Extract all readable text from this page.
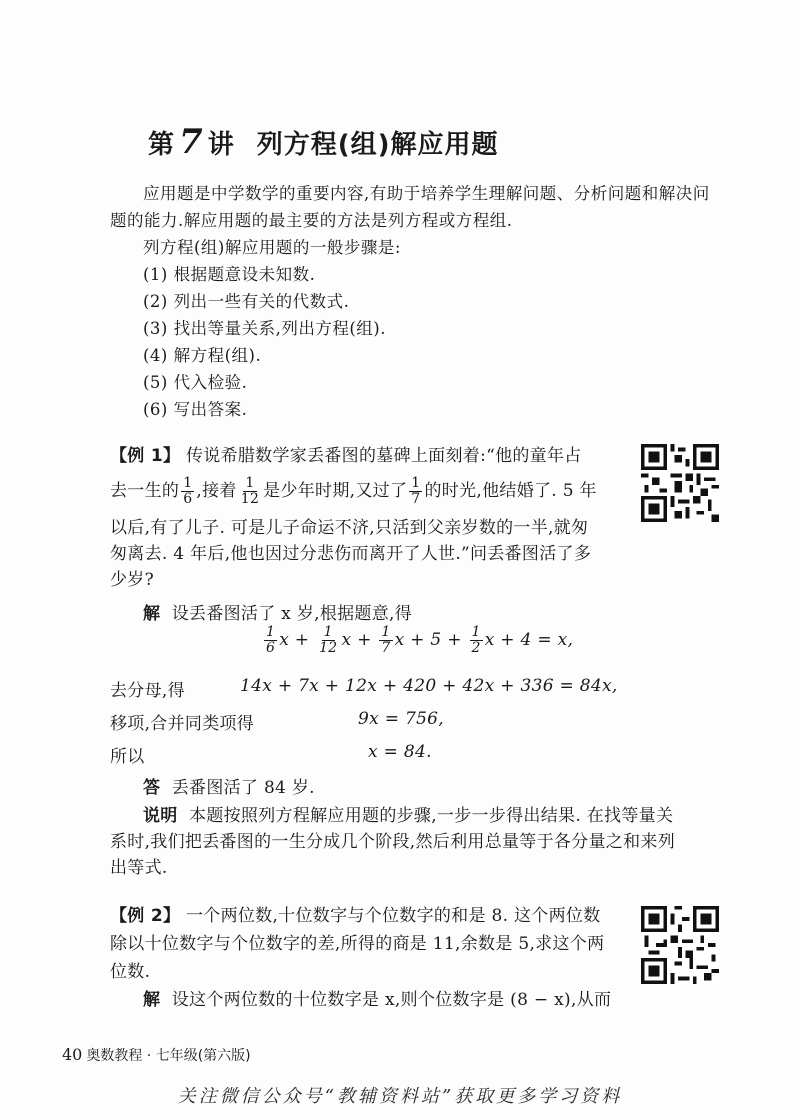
第 7 讲 列方程(组)解应用题
应用题是中学数学的重要内容,有助于培养学生理解问题、分析问题和解决问题的能力.解应用题的最主要的方法是列方程或方程组.
列方程(组)解应用题的一般步骤是:
(1) 根据题意设未知数.
(2) 列出一些有关的代数式.
(3) 找出等量关系,列出方程(组).
(4) 解方程(组).
(5) 代入检验.
(6) 写出答案.
【例 1】 传说希腊数学家丢番图的墓碑上面刻着:“他的童年占
去一生的 $\frac{1}{6}$ ,接着 $\frac{1}{12}$ 是少年时期,又过了 $\frac{1}{7}$ 的时光,他结婚了. 5 年
以后,有了儿子. 可是儿子命运不济,只活到父亲岁数的一半,就匆
匆离去. 4 年后,他也因过分悲伤而离开了人世.”问丢番图活了多
少岁?
解 设丢番图活了 x 岁,根据题意,得
$\frac{1}{6}$ $x + \frac{1}{12}$ $x + \frac{1}{7}$ $x + 5 + \frac{1}{2}$ x + 4 = x,
去分母,得	14x + 7x + 12x + 420 + 42x + 336 = 84x,
移项,合并同类项得	9x = 756,
所以	x = 84.
答 丢番图活了 84 岁.
说明 本题按照列方程解应用题的步骤,一步一步得出结果. 在找等量关
系时,我们把丢番图的一生分成几个阶段,然后利用总量等于各分量之和来列
出等式.
【例 2】 一个两位数,十位数字与个位数字的和是 8. 这个两位数
除以十位数字与个位数字的差,所得的商是 11,余数是 5,求这个两
位数.
解 设这个两位数的十位数字是 x,则个位数字是 (8 − x),从而
40 奥数教程 · 七年级(第六版)
关注微信公众号“教辅资料站”获取更多学习资料
